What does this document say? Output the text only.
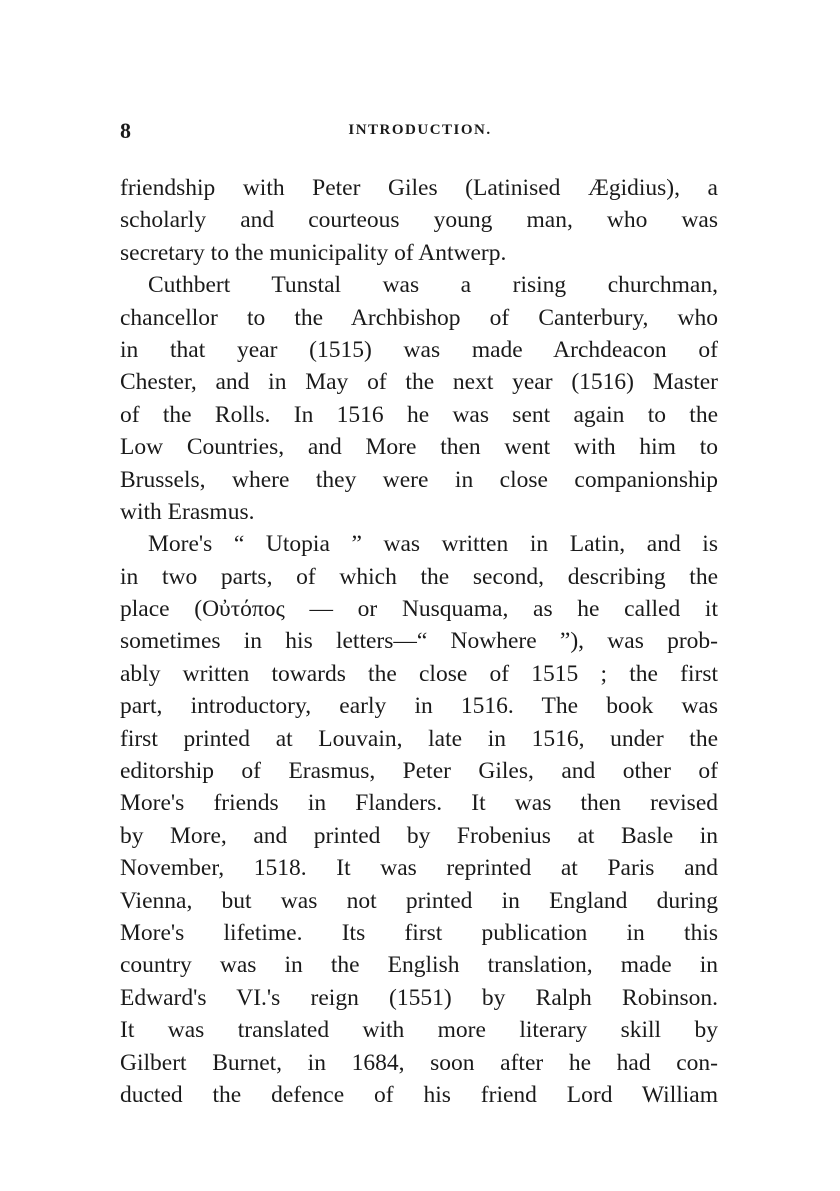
8	INTRODUCTION.
friendship with Peter Giles (Latinised Ægidius), a
scholarly and courteous young man, who was
secretary to the municipality of Antwerp.
Cuthbert Tunstal was a rising churchman,
chancellor to the Archbishop of Canterbury, who
in that year (1515) was made Archdeacon of
Chester, and in May of the next year (1516) Master
of the Rolls. In 1516 he was sent again to the
Low Countries, and More then went with him to
Brussels, where they were in close companionship
with Erasmus.
More's “ Utopia ” was written in Latin, and is
in two parts, of which the second, describing the
place (Οὐτόπος — or Nusquama, as he called it
sometimes in his letters—“ Nowhere ”), was prob-
ably written towards the close of 1515 ; the first
part, introductory, early in 1516. The book was
first printed at Louvain, late in 1516, under the
editorship of Erasmus, Peter Giles, and other of
More's friends in Flanders. It was then revised
by More, and printed by Frobenius at Basle in
November, 1518. It was reprinted at Paris and
Vienna, but was not printed in England during
More's lifetime. Its first publication in this
country was in the English translation, made in
Edward's VI.'s reign (1551) by Ralph Robinson.
It was translated with more literary skill by
Gilbert Burnet, in 1684, soon after he had con-
ducted the defence of his friend Lord William
